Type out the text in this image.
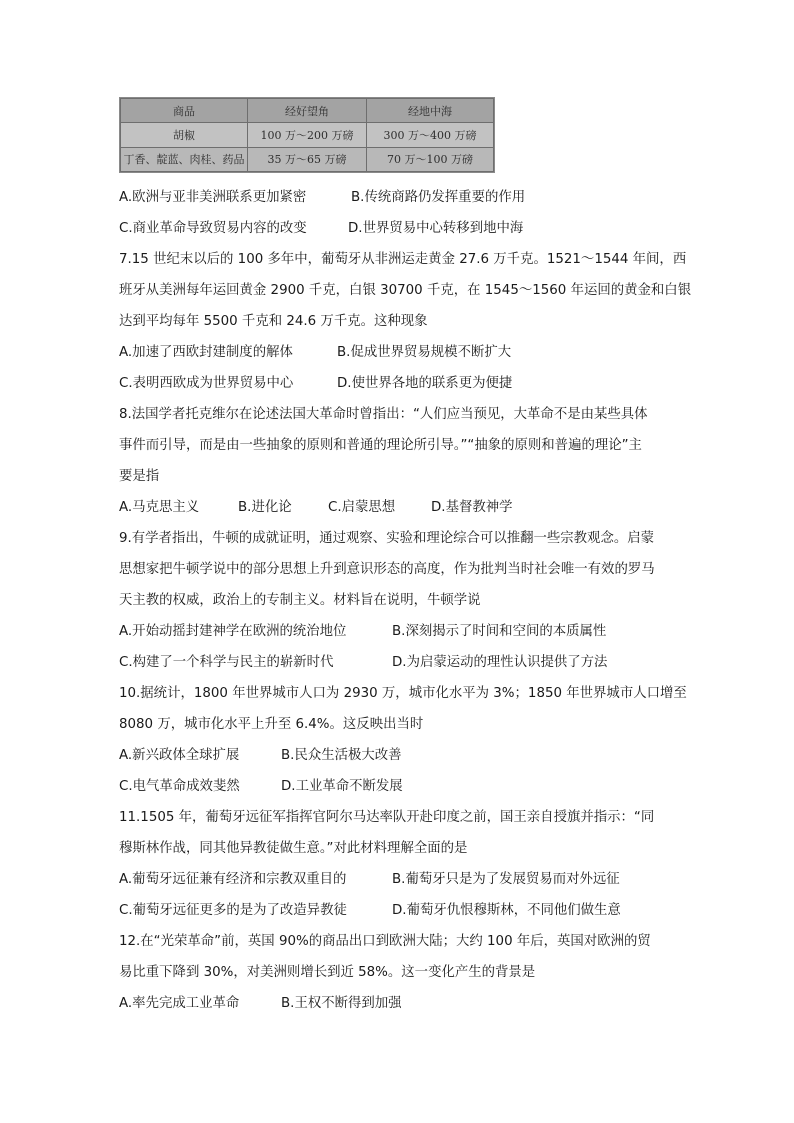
商品	经好望角	经地中海
胡椒	100 万～200 万磅	300 万～400 万磅
丁香、靛蓝、肉桂、药品	35 万～65 万磅	70 万～100 万磅
A.欧洲与亚非美洲联系更加紧密	B.传统商路仍发挥重要的作用
C.商业革命导致贸易内容的改变	D.世界贸易中心转移到地中海
7.15 世纪末以后的 100 多年中，葡萄牙从非洲运走黄金 27.6 万千克。1521～1544 年间，西
班牙从美洲每年运回黄金 2900 千克，白银 30700 千克，在 1545～1560 年运回的黄金和白银
达到平均每年 5500 千克和 24.6 万千克。这种现象
A.加速了西欧封建制度的解体	B.促成世界贸易规模不断扩大
C.表明西欧成为世界贸易中心	D.使世界各地的联系更为便捷
8.法国学者托克维尔在论述法国大革命时曾指出：“人们应当预见，大革命不是由某些具体
事件而引导，而是由一些抽象的原则和普通的理论所引导。”“抽象的原则和普遍的理论”主
要是指
A.马克思主义	B.进化论	C.启蒙思想	D.基督教神学
9.有学者指出，牛顿的成就证明，通过观察、实验和理论综合可以推翻一些宗教观念。启蒙
思想家把牛顿学说中的部分思想上升到意识形态的高度，作为批判当时社会唯一有效的罗马
天主教的权威，政治上的专制主义。材料旨在说明，牛顿学说
A.开始动摇封建神学在欧洲的统治地位	B.深刻揭示了时间和空间的本质属性
C.构建了一个科学与民主的崭新时代	D.为启蒙运动的理性认识提供了方法
10.据统计，1800 年世界城市人口为 2930 万，城市化水平为 3%；1850 年世界城市人口增至
8080 万，城市化水平上升至 6.4%。这反映出当时
A.新兴政体全球扩展	B.民众生活极大改善
C.电气革命成效斐然	D.工业革命不断发展
11.1505 年，葡萄牙远征军指挥官阿尔马达率队开赴印度之前，国王亲自授旗并指示：“同
穆斯林作战，同其他异教徒做生意。”对此材料理解全面的是
A.葡萄牙远征兼有经济和宗教双重目的	B.葡萄牙只是为了发展贸易而对外远征
C.葡萄牙远征更多的是为了改造异教徒	D.葡萄牙仇恨穆斯林，不同他们做生意
12.在“光荣革命”前，英国 90%的商品出口到欧洲大陆；大约 100 年后，英国对欧洲的贸
易比重下降到 30%，对美洲则增长到近 58%。这一变化产生的背景是
A.率先完成工业革命	B.王权不断得到加强
